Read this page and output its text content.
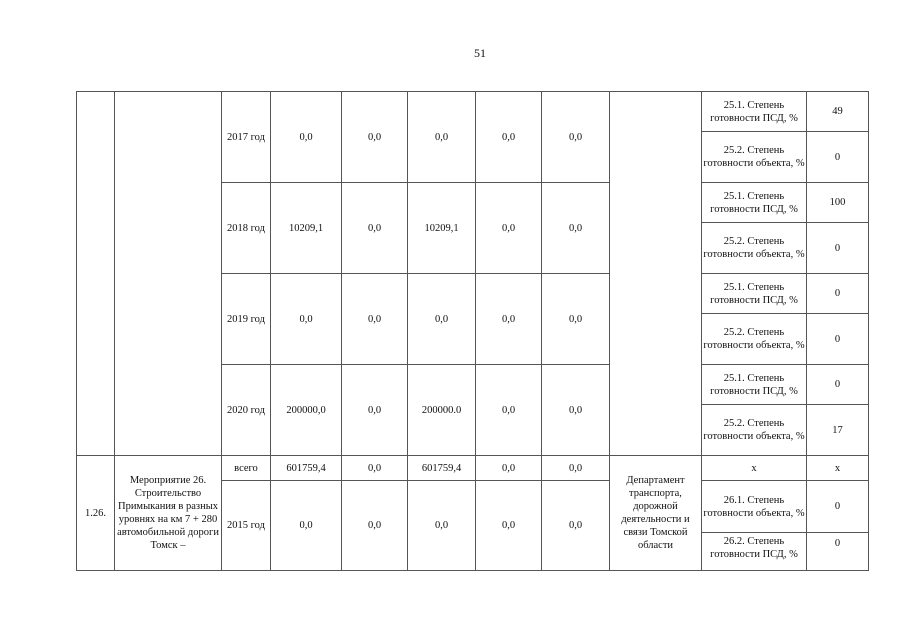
51
		2017 год	0,0	0,0	0,0	0,0	0,0		25.1. Степень готовности ПСД, %	49
									25.2. Степень готовности объекта, %	0
		2018 год	10209,1	0,0	10209,1	0,0	0,0		25.1. Степень готовности ПСД, %	100
									25.2. Степень готовности объекта, %	0
		2019 год	0,0	0,0	0,0	0,0	0,0		25.1. Степень готовности ПСД, %	0
									25.2. Степень готовности объекта, %	0
		2020 год	200000,0	0,0	200000.0	0,0	0,0		25.1. Степень готовности ПСД, %	0
									25.2. Степень готовности объекта, %	17
1.26.	Мероприятие 26. Строительство Примыкания в разных уровнях на км 7 + 280 автомобильной дороги Томск –	всего	601759,4	0,0	601759,4	0,0	0,0	Департамент транспорта, дорожной деятельности и связи Томской области	x	x
		2015 год	0,0	0,0	0,0	0,0	0,0		26.1. Степень готовности объекта, %	0
									26.2. Степень готовности ПСД, %	0
